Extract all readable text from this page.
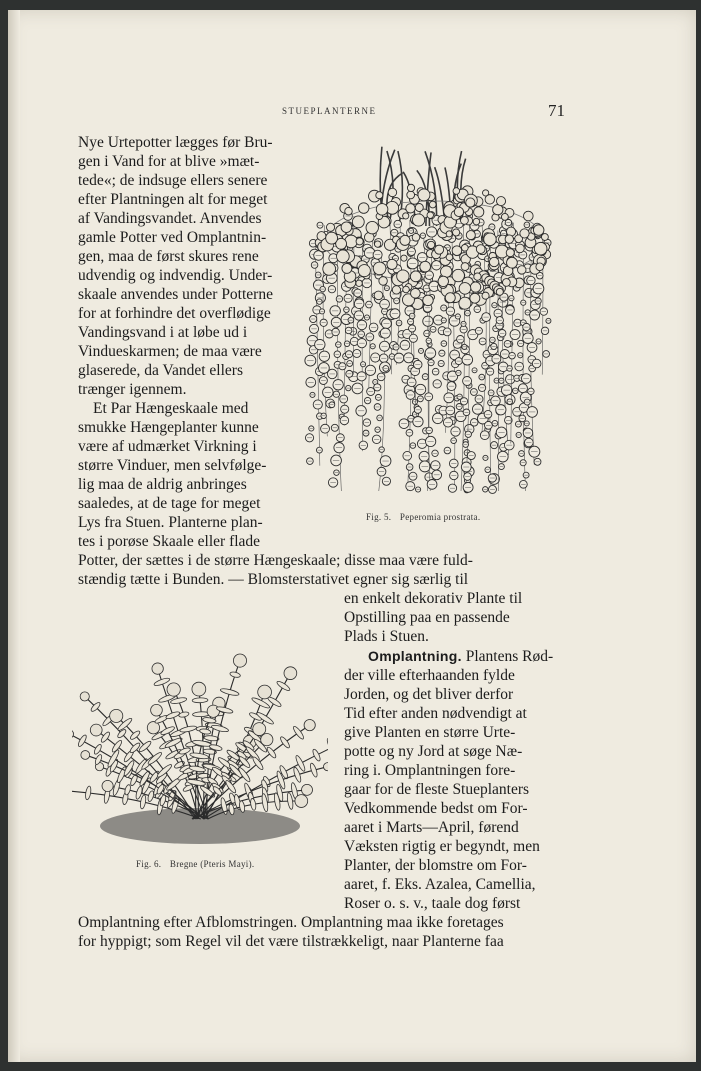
STUEPLANTERNE	71
Fig. 5. Peperomia prostrata.
Fig. 6. Bregne (Pteris Mayi).
Nye Urtepotter lægges før Bru-
gen i Vand for at blive »mæt-
tede«; de indsuge ellers senere
efter Plantningen alt for meget
af Vandingsvandet. Anvendes
gamle Potter ved Omplantnin-
gen, maa de først skures rene
udvendig og indvendig. Under-
skaale anvendes under Potterne
for at forhindre det overflødige
Vandingsvand i at løbe ud i
Vindueskarmen; de maa være
glaserede, da Vandet ellers
trænger igennem.
Et Par Hængeskaale med
smukke Hængeplanter kunne
være af udmærket Virkning i
større Vinduer, men selvfølge-
lig maa de aldrig anbringes
saaledes, at de tage for meget
Lys fra Stuen. Planterne plan-
tes i porøse Skaale eller flade
Potter, der sættes i de større Hængeskaale; disse maa være fuld-
stændig tætte i Bunden. — Blomsterstativet egner sig særlig til
en enkelt dekorativ Plante til
Opstilling paa en passende
Plads i Stuen.
Omplantning. Plantens Rød-
der ville efterhaanden fylde
Jorden, og det bliver derfor
Tid efter anden nødvendigt at
give Planten en større Urte-
potte og ny Jord at søge Næ-
ring i. Omplantningen fore-
gaar for de fleste Stueplanters
Vedkommende bedst om For-
aaret i Marts—April, førend
Væksten rigtig er begyndt, men
Planter, der blomstre om For-
aaret, f. Eks. Azalea, Camellia,
Roser o. s. v., taale dog først
Omplantning efter Afblomstringen. Omplantning maa ikke foretages
for hyppigt; som Regel vil det være tilstrækkeligt, naar Planterne faa
